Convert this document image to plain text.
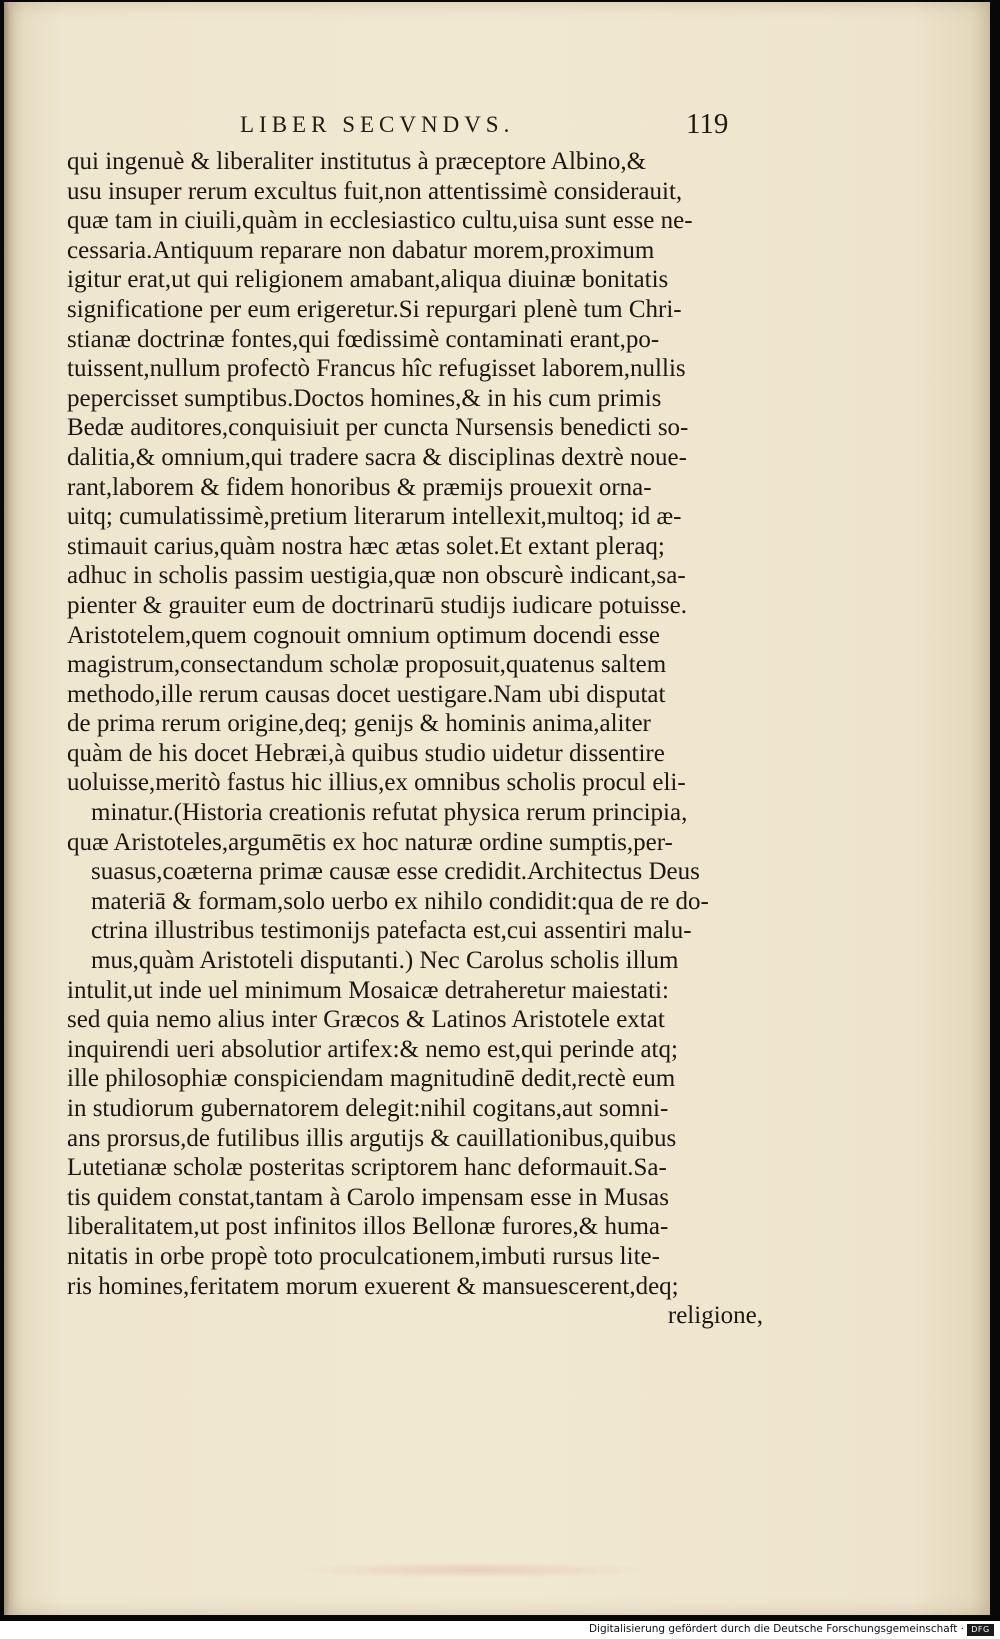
LIBER SECVNDVS.	119
qui ingenuè & liberaliter institutus à præceptore Albino,&
usu insuper rerum excultus fuit,non attentissimè considerauit,
quæ tam in ciuili,quàm in ecclesiastico cultu,uisa sunt esse ne-
cessaria.Antiquum reparare non dabatur morem,proximum
igitur erat,ut qui religionem amabant,aliqua diuinæ bonitatis
significatione per eum erigeretur.Si repurgari plenè tum Chri-
stianæ doctrinæ fontes,qui fœdissimè contaminati erant,po-
tuissent,nullum profectò Francus hîc refugisset laborem,nullis
pepercisset sumptibus.Doctos homines,& in his cum primis
Bedæ auditores,conquisiuit per cuncta Nursensis benedicti so-
dalitia,& omnium,qui tradere sacra & disciplinas dextrè noue-
rant,laborem & fidem honoribus & præmijs prouexit orna-
uitq; cumulatissimè,pretium literarum intellexit,multoq; id æ-
stimauit carius,quàm nostra hæc ætas solet.Et extant pleraq;
adhuc in scholis passim uestigia,quæ non obscurè indicant,sa-
pienter & grauiter eum de doctrinarū studijs iudicare potuisse.
Aristotelem,quem cognouit omnium optimum docendi esse
magistrum,consectandum scholæ proposuit,quatenus saltem
methodo,ille rerum causas docet uestigare.Nam ubi disputat
de prima rerum origine,deq; genijs & hominis anima,aliter
quàm de his docet Hebræi,à quibus studio uidetur dissentire
uoluisse,meritò fastus hic illius,ex omnibus scholis procul eli-
minatur.(Historia creationis refutat physica rerum principia,
quæ Aristoteles,argumētis ex hoc naturæ ordine sumptis,per-
suasus,coæterna primæ causæ esse credidit.Architectus Deus
materiā & formam,solo uerbo ex nihilo condidit:qua de re do-
ctrina illustribus testimonijs patefacta est,cui assentiri malu-
mus,quàm Aristoteli disputanti.) Nec Carolus scholis illum
intulit,ut inde uel minimum Mosaicæ detraheretur maiestati:
sed quia nemo alius inter Græcos & Latinos Aristotele extat
inquirendi ueri absolutior artifex:& nemo est,qui perinde atq;
ille philosophiæ conspiciendam magnitudinē dedit,rectè eum
in studiorum gubernatorem delegit:nihil cogitans,aut somni-
ans prorsus,de futilibus illis argutijs & cauillationibus,quibus
Lutetianæ scholæ posteritas scriptorem hanc deformauit.Sa-
tis quidem constat,tantam à Carolo impensam esse in Musas
liberalitatem,ut post infinitos illos Bellonæ furores,& huma-
nitatis in orbe propè toto proculcationem,imbuti rursus lite-
ris homines,feritatem morum exuerent & mansuescerent,deq;
religione,
Digitalisierung gefördert durch die Deutsche Forschungsgemeinschaft · DFG
